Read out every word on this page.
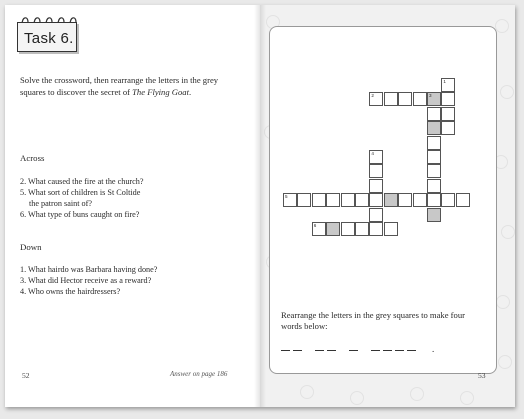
Task 6.
Solve the crossword, then rearrange the letters in the grey squares to discover the secret of The Flying Goat.
Across
2. What caused the fire at the church?
5. What sort of children is St Coltide
the patron saint of?
6. What type of buns caught on fire?
Down
1. What hairdo was Barbara having done?
3. What did Hector receive as a reward?
4. Who owns the hairdressers?
Answer on page 186
52
1
2	3
4
5
6
Rearrange the letters in the grey squares to make four words below:
.
53
